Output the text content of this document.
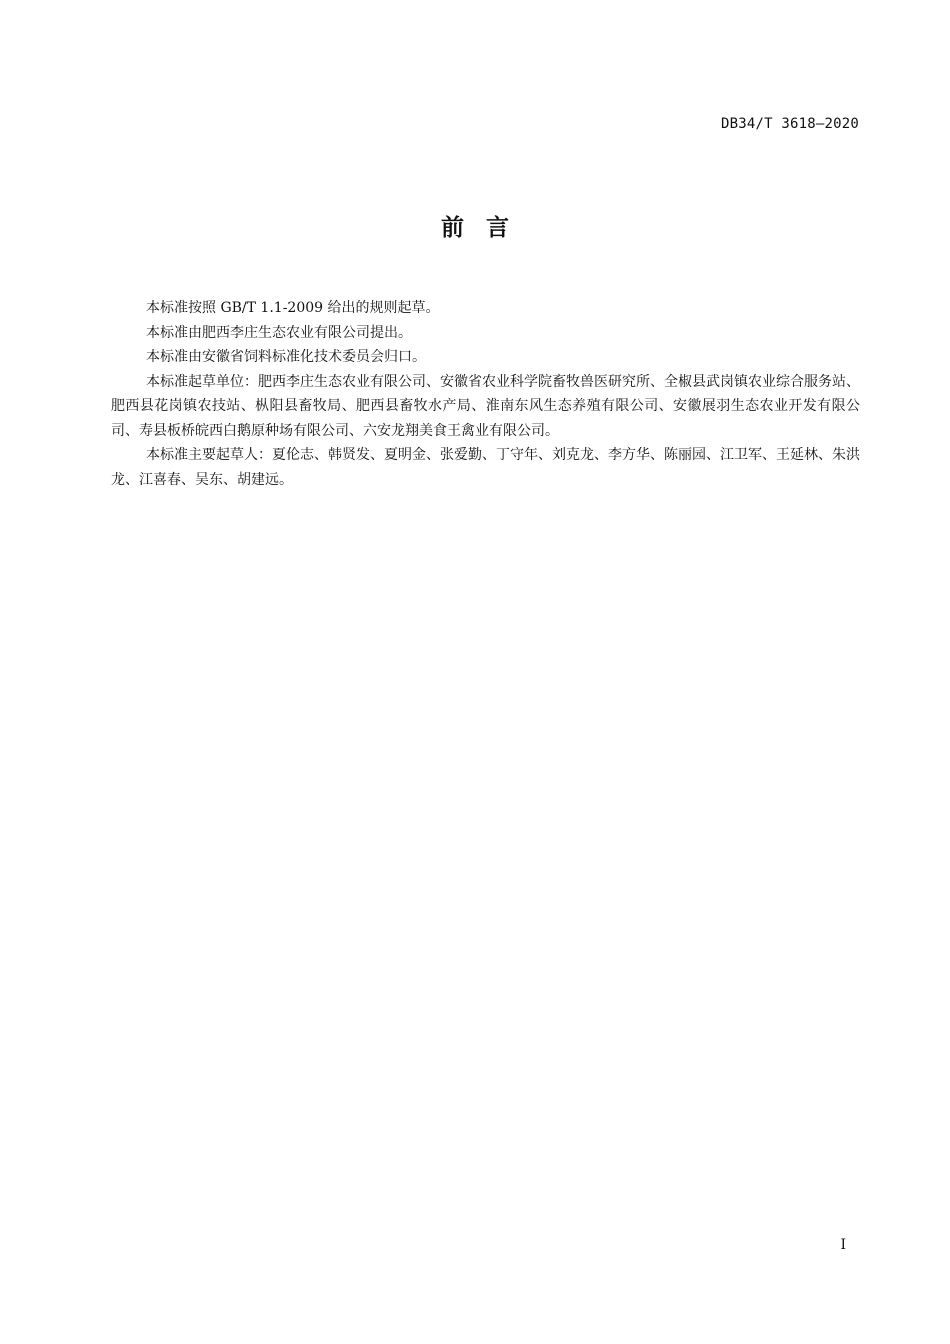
DB34/T 3618—2020
前言

本标准按照 GB/T 1.1-2009 给出的规则起草。

本标准由肥西李庄生态农业有限公司提出。

本标准由安徽省饲料标准化技术委员会归口。

本标准起草单位：肥西李庄生态农业有限公司、安徽省农业科学院畜牧兽医研究所、全椒县武岗镇农业综合服务站、肥西县花岗镇农技站、枞阳县畜牧局、肥西县畜牧水产局、淮南东风生态养殖有限公司、安徽展羽生态农业开发有限公司、寿县板桥皖西白鹅原种场有限公司、六安龙翔美食王禽业有限公司。

本标准主要起草人：夏伦志、韩贤发、夏明金、张爱勤、丁守年、刘克龙、李方华、陈丽园、江卫军、王延林、朱洪龙、江喜春、吴东、胡建远。

I
